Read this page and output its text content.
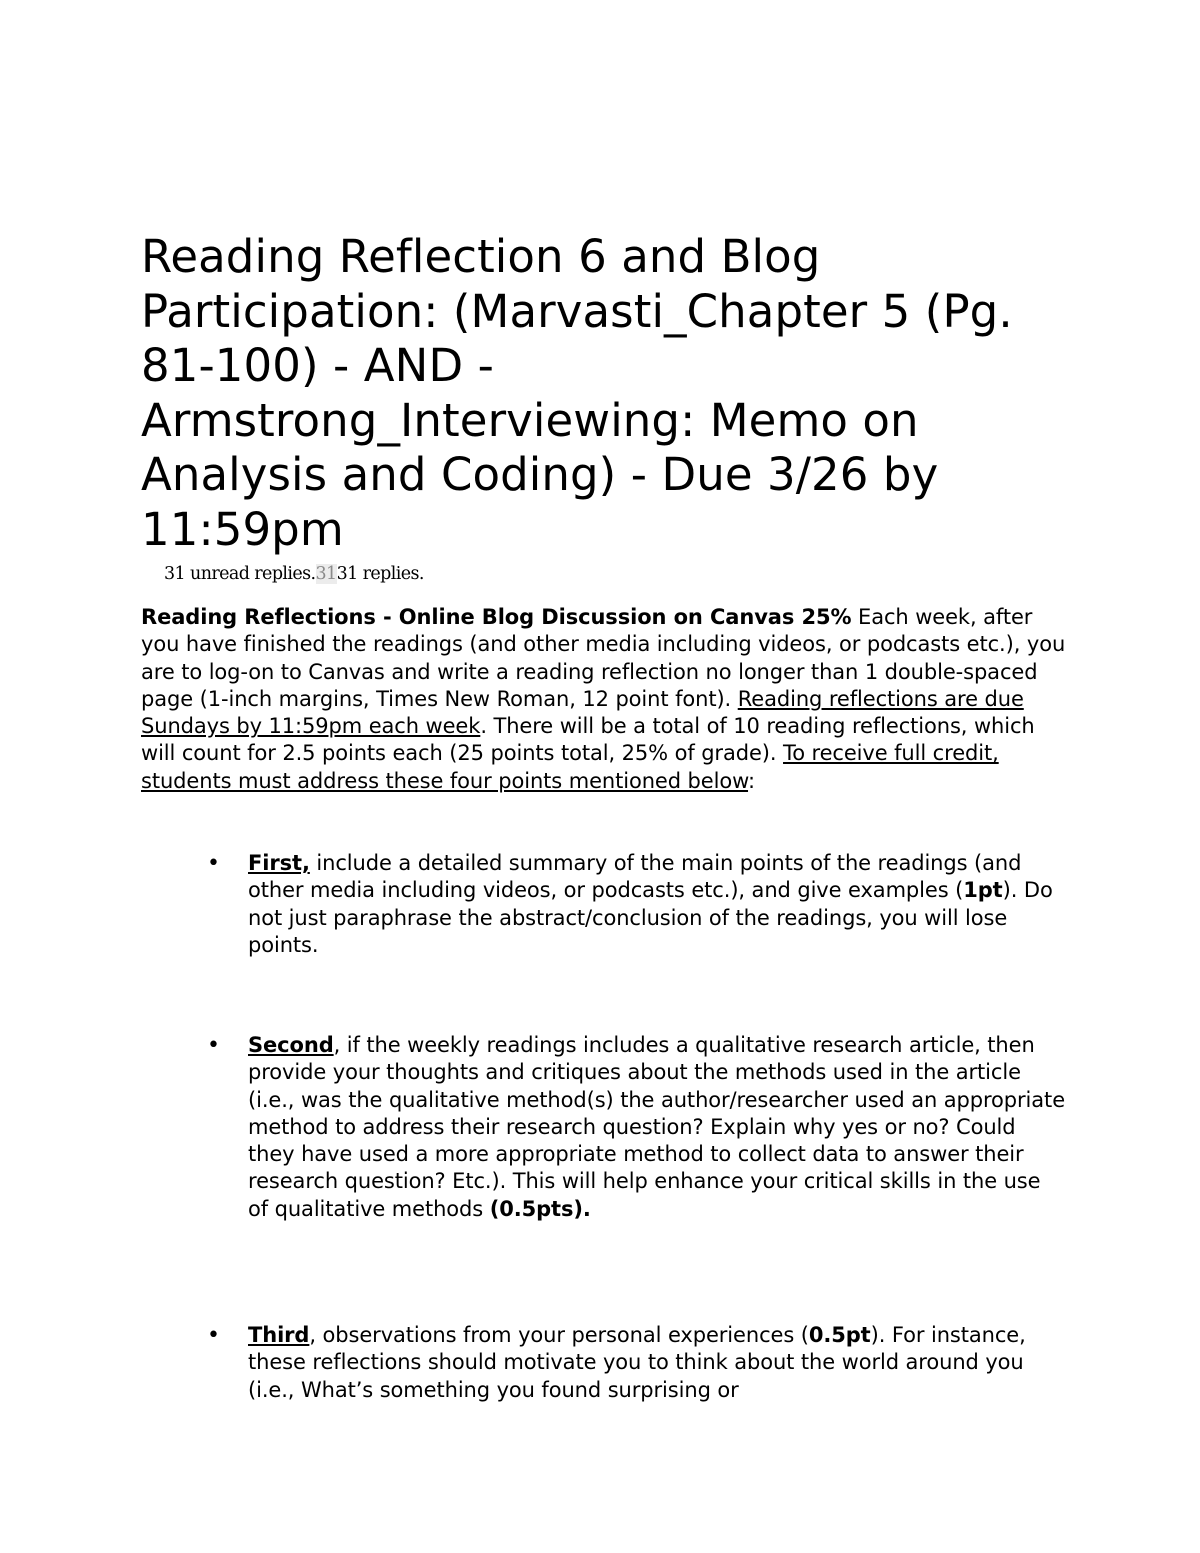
Reading Reflection 6 and Blog Participation: (Marvasti_Chapter 5 (Pg. 81-100) - AND - Armstrong_Interviewing: Memo on Analysis and Coding) - Due 3/26 by 11:59pm
31 unread replies.3131 replies.

Reading Reflections - Online Blog Discussion on Canvas 25% Each week, after you have finished the readings (and other media including videos, or podcasts etc.), you are to log-on to Canvas and write a reading reflection no longer than 1 double-spaced page (1-inch margins, Times New Roman, 12 point font). Reading reflections are due Sundays by 11:59pm each week. There will be a total of 10 reading reflections, which will count for 2.5 points each (25 points total, 25% of grade). To receive full credit, students must address these four points mentioned below:

• First, include a detailed summary of the main points of the readings (and other media including videos, or podcasts etc.), and give examples (1pt). Do not just paraphrase the abstract/conclusion of the readings, you will lose points.

• Second, if the weekly readings includes a qualitative research article, then provide your thoughts and critiques about the methods used in the article (i.e., was the qualitative method(s) the author/researcher used an appropriate method to address their research question? Explain why yes or no? Could they have used a more appropriate method to collect data to answer their research question? Etc.). This will help enhance your critical skills in the use of qualitative methods (0.5pts).

• Third, observations from your personal experiences (0.5pt). For instance, these reflections should motivate you to think about the world around you (i.e., What’s something you found surprising or
